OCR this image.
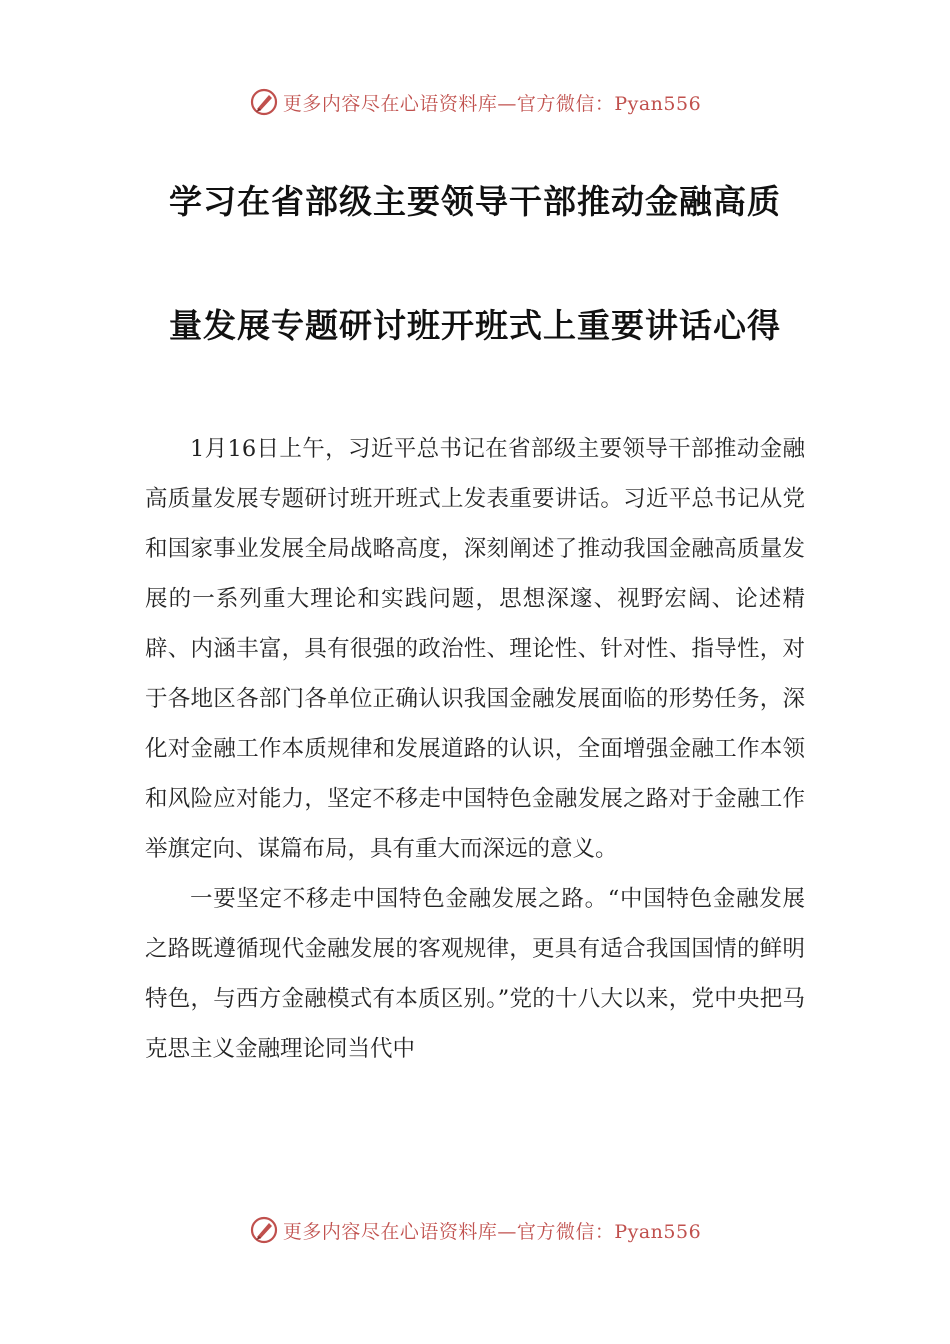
更多内容尽在心语资料库—官方微信：Pyan556
学习在省部级主要领导干部推动金融高质
量发展专题研讨班开班式上重要讲话心得

1月16日上午，习近平总书记在省部级主要领导干部推动金融高质量发展专题研讨班开班式上发表重要讲话。习近平总书记从党和国家事业发展全局战略高度，深刻阐述了推动我国金融高质量发展的一系列重大理论和实践问题，思想深邃、视野宏阔、论述精辟、内涵丰富，具有很强的政治性、理论性、针对性、指导性，对于各地区各部门各单位正确认识我国金融发展面临的形势任务，深化对金融工作本质规律和发展道路的认识，全面增强金融工作本领和风险应对能力，坚定不移走中国特色金融发展之路对于金融工作举旗定向、谋篇布局，具有重大而深远的意义。

一要坚定不移走中国特色金融发展之路。“中国特色金融发展之路既遵循现代金融发展的客观规律，更具有适合我国国情的鲜明特色，与西方金融模式有本质区别。”党的十八大以来，党中央把马克思主义金融理论同当代中

更多内容尽在心语资料库—官方微信：Pyan556
